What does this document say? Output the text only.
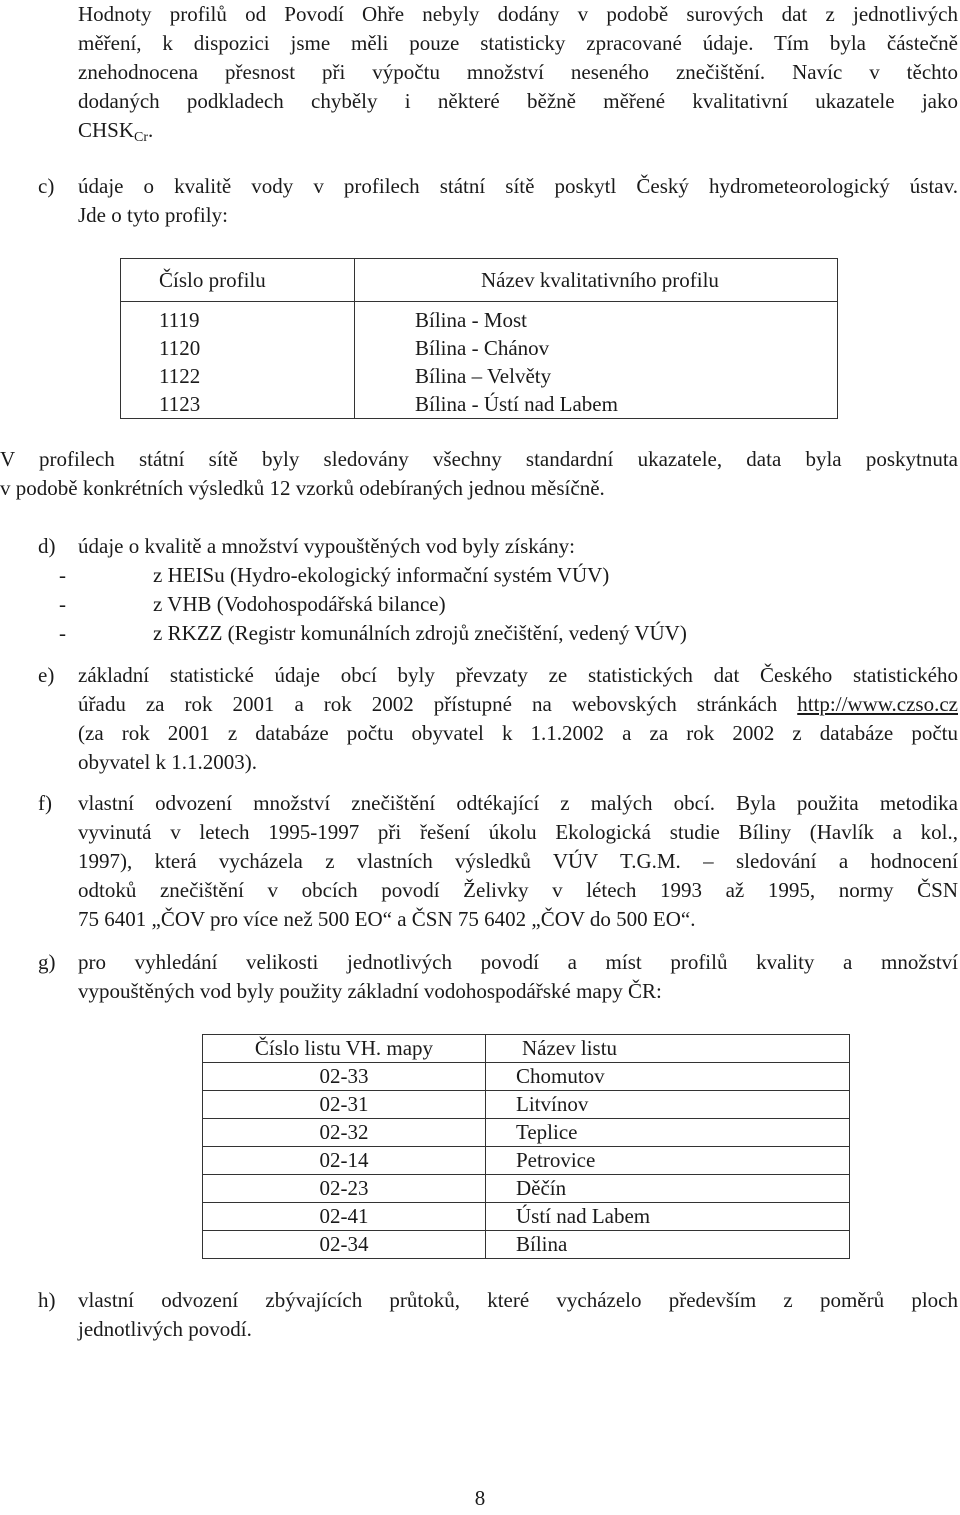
Hodnoty profilů od Povodí Ohře nebyly dodány v podobě surových dat z jednotlivých

měření, k dispozici jsme měli pouze statisticky zpracované údaje. Tím byla částečně

znehodnocena přesnost při výpočtu množství neseného znečištění. Navíc v těchto

dodaných podkladech chyběly i některé běžně měřené kvalitativní ukazatele jako

$CHSK_{Cr}$.

c) údaje o kvalitě vody v profilech státní sítě poskytl Český hydrometeorologický ústav.

Jde o tyto profily:

Číslo profilu	Název kvalitativního profilu
1119	Bílina - Most
1120	Bílina - Chánov
1122	Bílina – Velvěty
1123	Bílina - Ústí nad Labem

V profilech státní sítě byly sledovány všechny standardní ukazatele, data byla poskytnuta

v podobě konkrétních výsledků 12 vzorků odebíraných jednou měsíčně.

d) údaje o kvalitě a množství vypouštěných vod byly získány:

-	z HEISu (Hydro-ekologický informační systém VÚV)
-	z VHB (Vodohospodářská bilance)
-	z RKZZ (Registr komunálních zdrojů znečištění, vedený VÚV)
e) základní statistické údaje obcí byly převzaty ze statistických dat Českého statistického

úřadu za rok 2001 a rok 2002 přístupné na webovských stránkách http://www.czso.cz

(za rok 2001 z databáze počtu obyvatel k 1.1.2002 a za rok 2002 z databáze počtu

obyvatel k 1.1.2003).

f) vlastní odvození množství znečištění odtékající z malých obcí. Byla použita metodika

vyvinutá v letech 1995-1997 při řešení úkolu Ekologická studie Bíliny (Havlík a kol.,

1997), která vycházela z vlastních výsledků VÚV T.G.M. – sledování a hodnocení

odtoků znečištění v obcích povodí Želivky v létech 1993 až 1995, normy ČSN

75 6401 „ČOV pro více než 500 EO“ a ČSN 75 6402 „ČOV do 500 EO“.

g) pro vyhledání velikosti jednotlivých povodí a míst profilů kvality a množství

vypouštěných vod byly použity základní vodohospodářské mapy ČR:

Číslo listu VH. mapy	Název listu
02-33	Chomutov
02-31	Litvínov
02-32	Teplice
02-14	Petrovice
02-23	Děčín
02-41	Ústí nad Labem
02-34	Bílina
h) vlastní odvození zbývajících průtoků, které vycházelo především z poměrů ploch

jednotlivých povodí.

8
